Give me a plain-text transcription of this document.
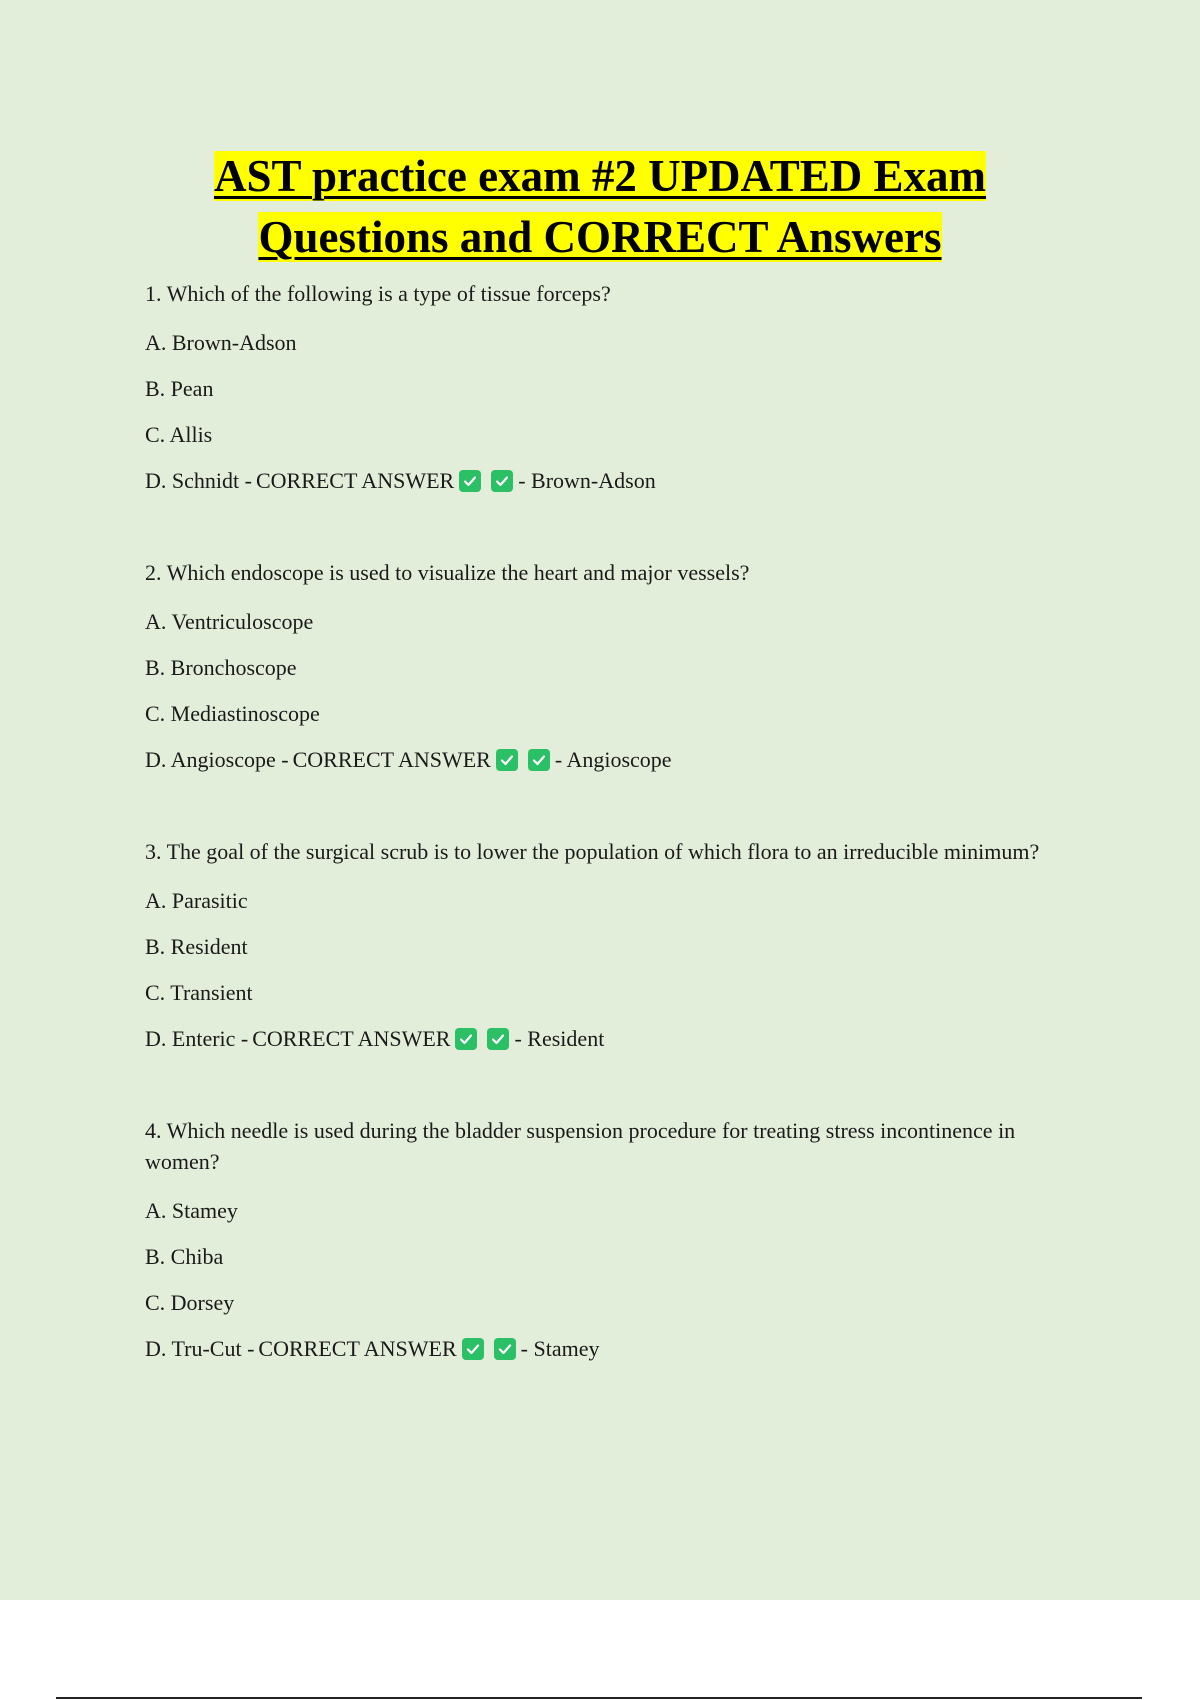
AST practice exam #2 UPDATED Exam
Questions and CORRECT Answers
1. Which of the following is a type of tissue forceps?
A. Brown-Adson
B. Pean
C. Allis
D. Schnidt - CORRECT ANSWER	- Brown-Adson
2. Which endoscope is used to visualize the heart and major vessels?
A. Ventriculoscope
B. Bronchoscope
C. Mediastinoscope
D. Angioscope - CORRECT ANSWER	- Angioscope
3. The goal of the surgical scrub is to lower the population of which flora to an irreducible minimum?
A. Parasitic
B. Resident
C. Transient
D. Enteric - CORRECT ANSWER	- Resident
4. Which needle is used during the bladder suspension procedure for treating stress incontinence in women?
A. Stamey
B. Chiba
C. Dorsey
D. Tru-Cut - CORRECT ANSWER	- Stamey
